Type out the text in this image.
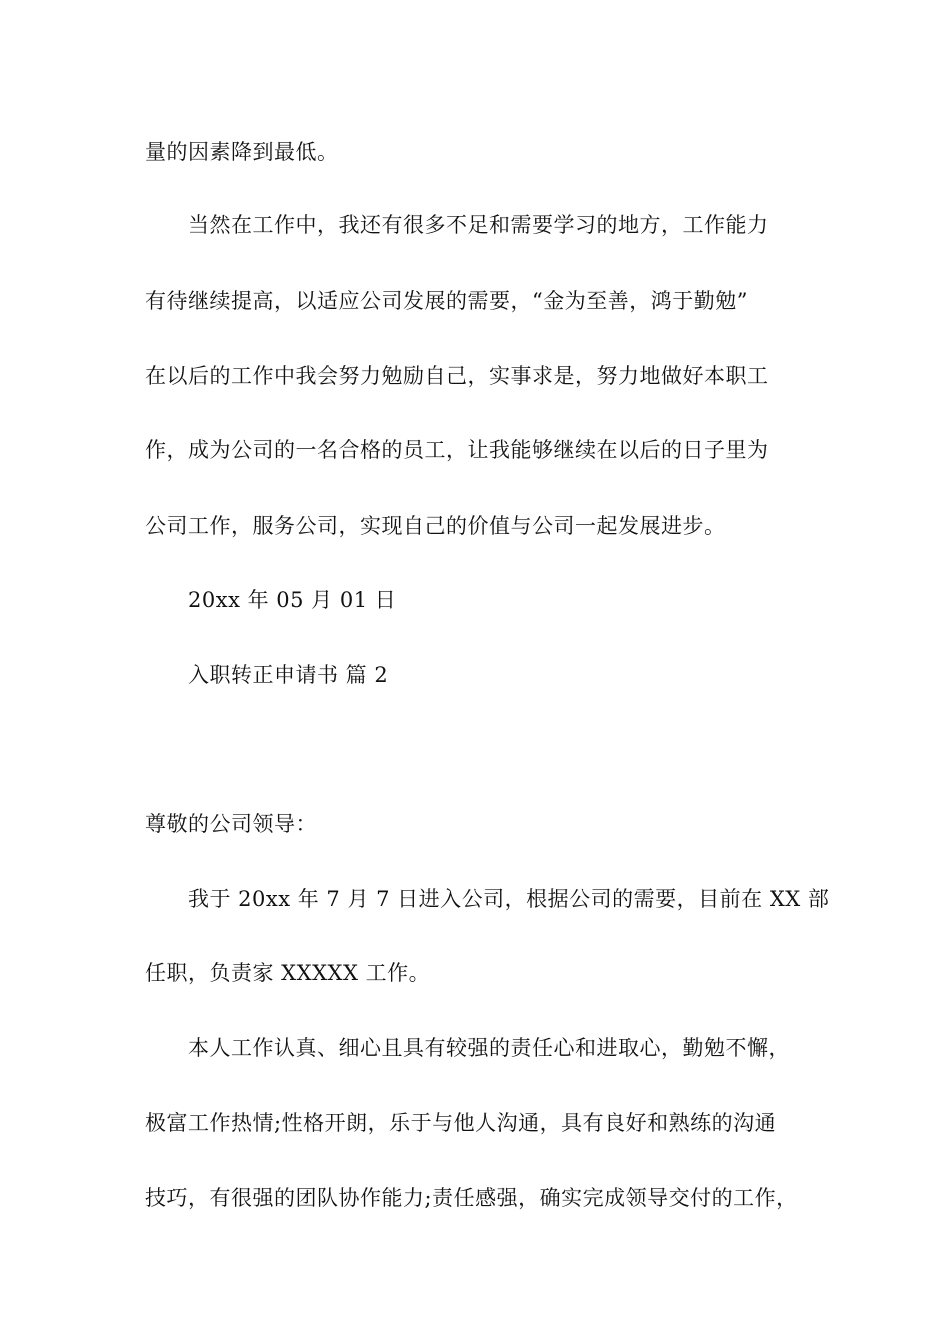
量的因素降到最低。
当然在工作中，我还有很多不足和需要学习的地方，工作能力
有待继续提高，以适应公司发展的需要，“金为至善，鸿于勤勉”
在以后的工作中我会努力勉励自己，实事求是，努力地做好本职工
作，成为公司的一名合格的员工，让我能够继续在以后的日子里为
公司工作，服务公司，实现自己的价值与公司一起发展进步。
20xx 年 05 月 01 日
入职转正申请书 篇 2
尊敬的公司领导：
我于 20xx 年 7 月 7 日进入公司，根据公司的需要，目前在 XX 部
任职，负责家 XXXXX 工作。
本人工作认真、细心且具有较强的责任心和进取心，勤勉不懈，
极富工作热情;性格开朗，乐于与他人沟通，具有良好和熟练的沟通
技巧，有很强的团队协作能力;责任感强，确实完成领导交付的工作，
